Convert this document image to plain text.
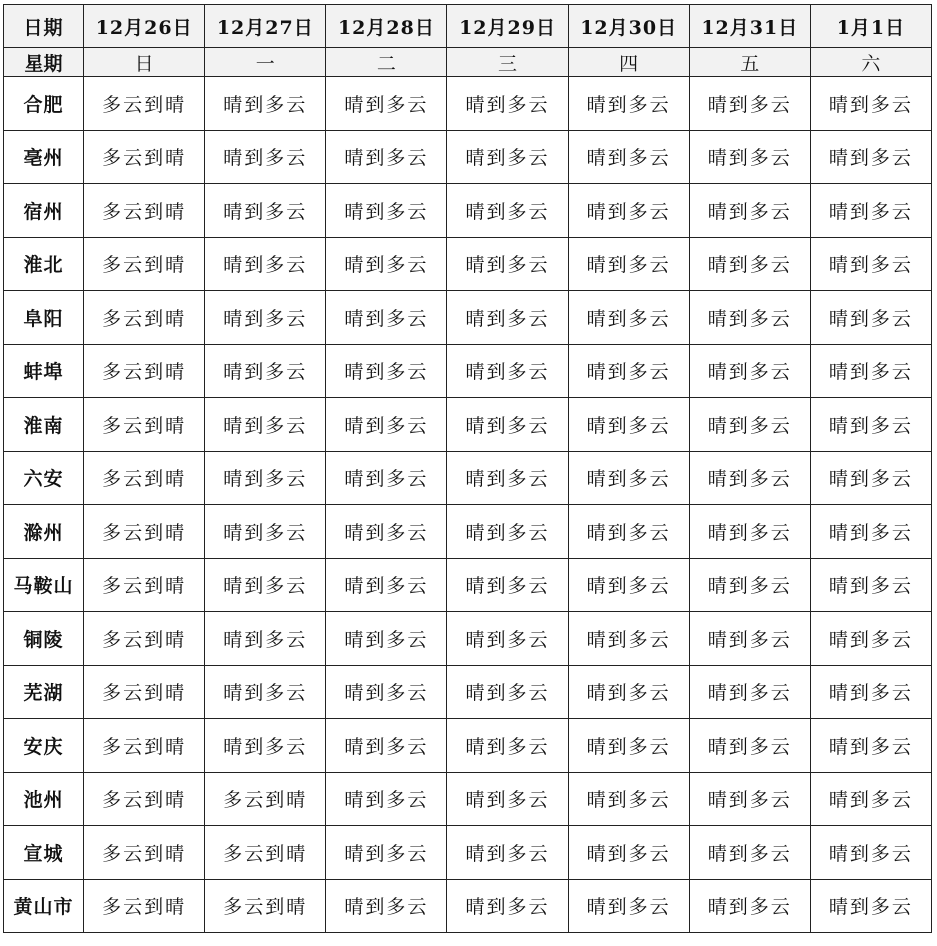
日期	12月26日	12月27日	12月28日	12月29日	12月30日	12月31日	1月1日
星期	日	一	二	三	四	五	六
合肥	多云到晴	晴到多云	晴到多云	晴到多云	晴到多云	晴到多云	晴到多云
亳州	多云到晴	晴到多云	晴到多云	晴到多云	晴到多云	晴到多云	晴到多云
宿州	多云到晴	晴到多云	晴到多云	晴到多云	晴到多云	晴到多云	晴到多云
淮北	多云到晴	晴到多云	晴到多云	晴到多云	晴到多云	晴到多云	晴到多云
阜阳	多云到晴	晴到多云	晴到多云	晴到多云	晴到多云	晴到多云	晴到多云
蚌埠	多云到晴	晴到多云	晴到多云	晴到多云	晴到多云	晴到多云	晴到多云
淮南	多云到晴	晴到多云	晴到多云	晴到多云	晴到多云	晴到多云	晴到多云
六安	多云到晴	晴到多云	晴到多云	晴到多云	晴到多云	晴到多云	晴到多云
滁州	多云到晴	晴到多云	晴到多云	晴到多云	晴到多云	晴到多云	晴到多云
马鞍山	多云到晴	晴到多云	晴到多云	晴到多云	晴到多云	晴到多云	晴到多云
铜陵	多云到晴	晴到多云	晴到多云	晴到多云	晴到多云	晴到多云	晴到多云
芜湖	多云到晴	晴到多云	晴到多云	晴到多云	晴到多云	晴到多云	晴到多云
安庆	多云到晴	晴到多云	晴到多云	晴到多云	晴到多云	晴到多云	晴到多云
池州	多云到晴	多云到晴	晴到多云	晴到多云	晴到多云	晴到多云	晴到多云
宣城	多云到晴	多云到晴	晴到多云	晴到多云	晴到多云	晴到多云	晴到多云
黄山市	多云到晴	多云到晴	晴到多云	晴到多云	晴到多云	晴到多云	晴到多云
